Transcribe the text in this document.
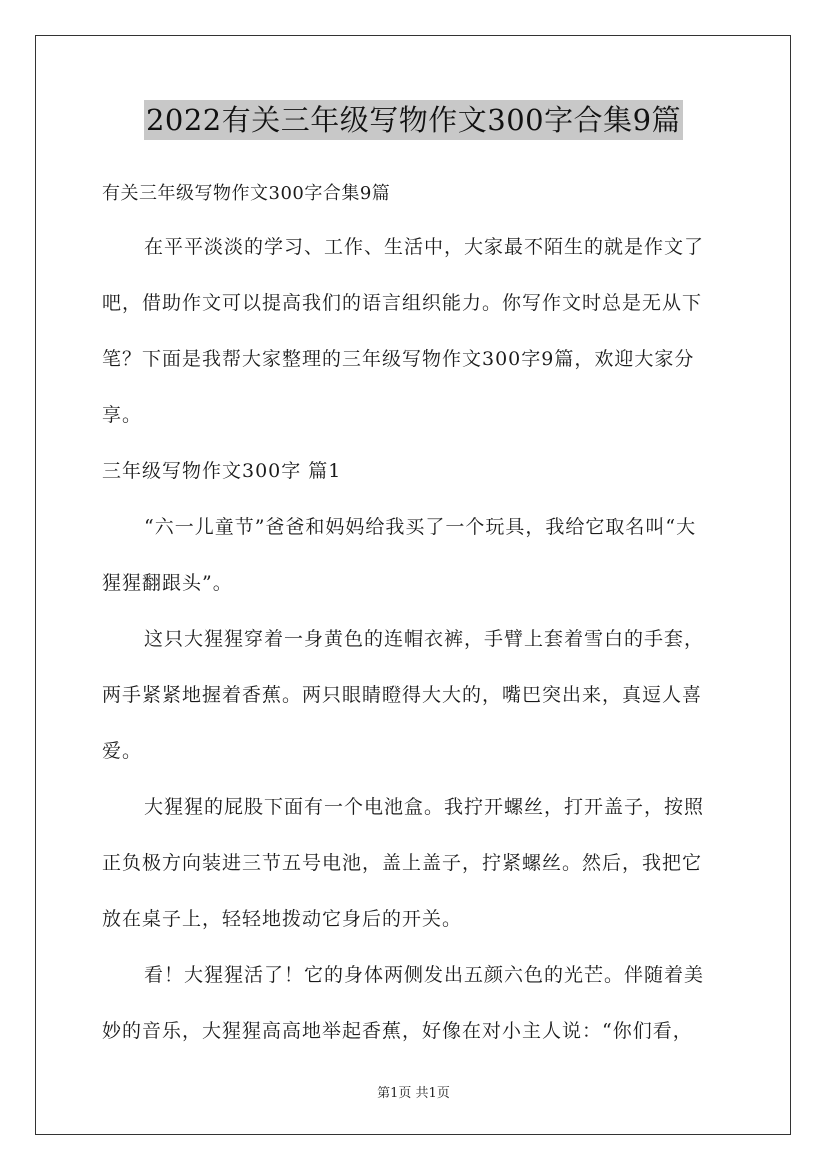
2022有关三年级写物作文300字合集9篇
有关三年级写物作文300字合集9篇
在平平淡淡的学习、工作、生活中，大家最不陌生的就是作文了
吧，借助作文可以提高我们的语言组织能力。你写作文时总是无从下
笔？下面是我帮大家整理的三年级写物作文300字9篇，欢迎大家分
享。
三年级写物作文300字 篇1
“六一儿童节”爸爸和妈妈给我买了一个玩具，我给它取名叫“大
猩猩翻跟头”。
这只大猩猩穿着一身黄色的连帽衣裤，手臂上套着雪白的手套，
两手紧紧地握着香蕉。两只眼睛瞪得大大的，嘴巴突出来，真逗人喜
爱。
大猩猩的屁股下面有一个电池盒。我拧开螺丝，打开盖子，按照
正负极方向装进三节五号电池，盖上盖子，拧紧螺丝。然后，我把它
放在桌子上，轻轻地拨动它身后的开关。
看！大猩猩活了！它的身体两侧发出五颜六色的光芒。伴随着美
妙的音乐，大猩猩高高地举起香蕉，好像在对小主人说：“你们看，
第1页 共1页
